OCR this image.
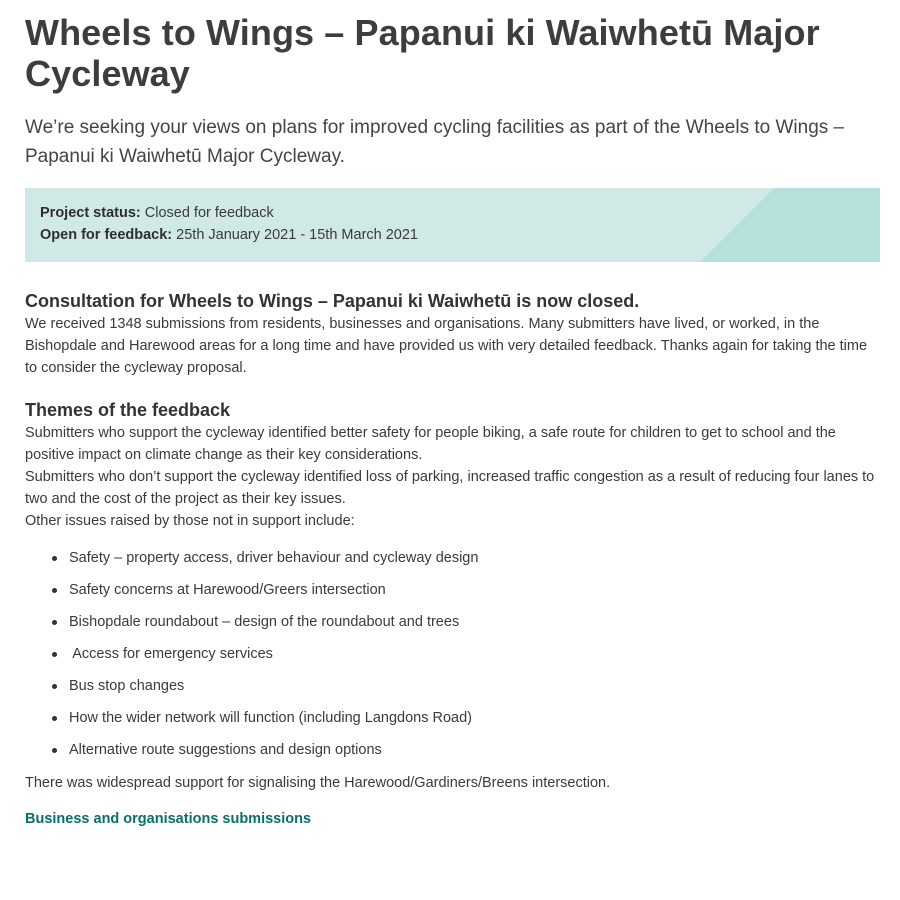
Wheels to Wings – Papanui ki Waiwhetū Major Cycleway

We’re seeking your views on plans for improved cycling facilities as part of the Wheels to Wings – Papanui ki Waiwhetū Major Cycleway.

Project status: Closed for feedback
Open for feedback: 25th January 2021 - 15th March 2021
Consultation for Wheels to Wings – Papanui ki Waiwhetū is now closed.

We received 1348 submissions from residents, businesses and organisations. Many submitters have lived, or worked, in the Bishopdale and Harewood areas for a long time and have provided us with very detailed feedback. Thanks again for taking the time to consider the cycleway proposal.

Themes of the feedback

Submitters who support the cycleway identified better safety for people biking, a safe route for children to get to school and the positive impact on climate change as their key considerations.

Submitters who don’t support the cycleway identified loss of parking, increased traffic congestion as a result of reducing four lanes to two and the cost of the project as their key issues.

Other issues raised by those not in support include:

Safety – property access, driver behaviour and cycleway design
Safety concerns at Harewood/Greers intersection
Bishopdale roundabout – design of the roundabout and trees
Access for emergency services
Bus stop changes
How the wider network will function (including Langdons Road)
Alternative route suggestions and design options

There was widespread support for signalising the Harewood/Gardiners/Breens intersection.

Business and organisations submissions
